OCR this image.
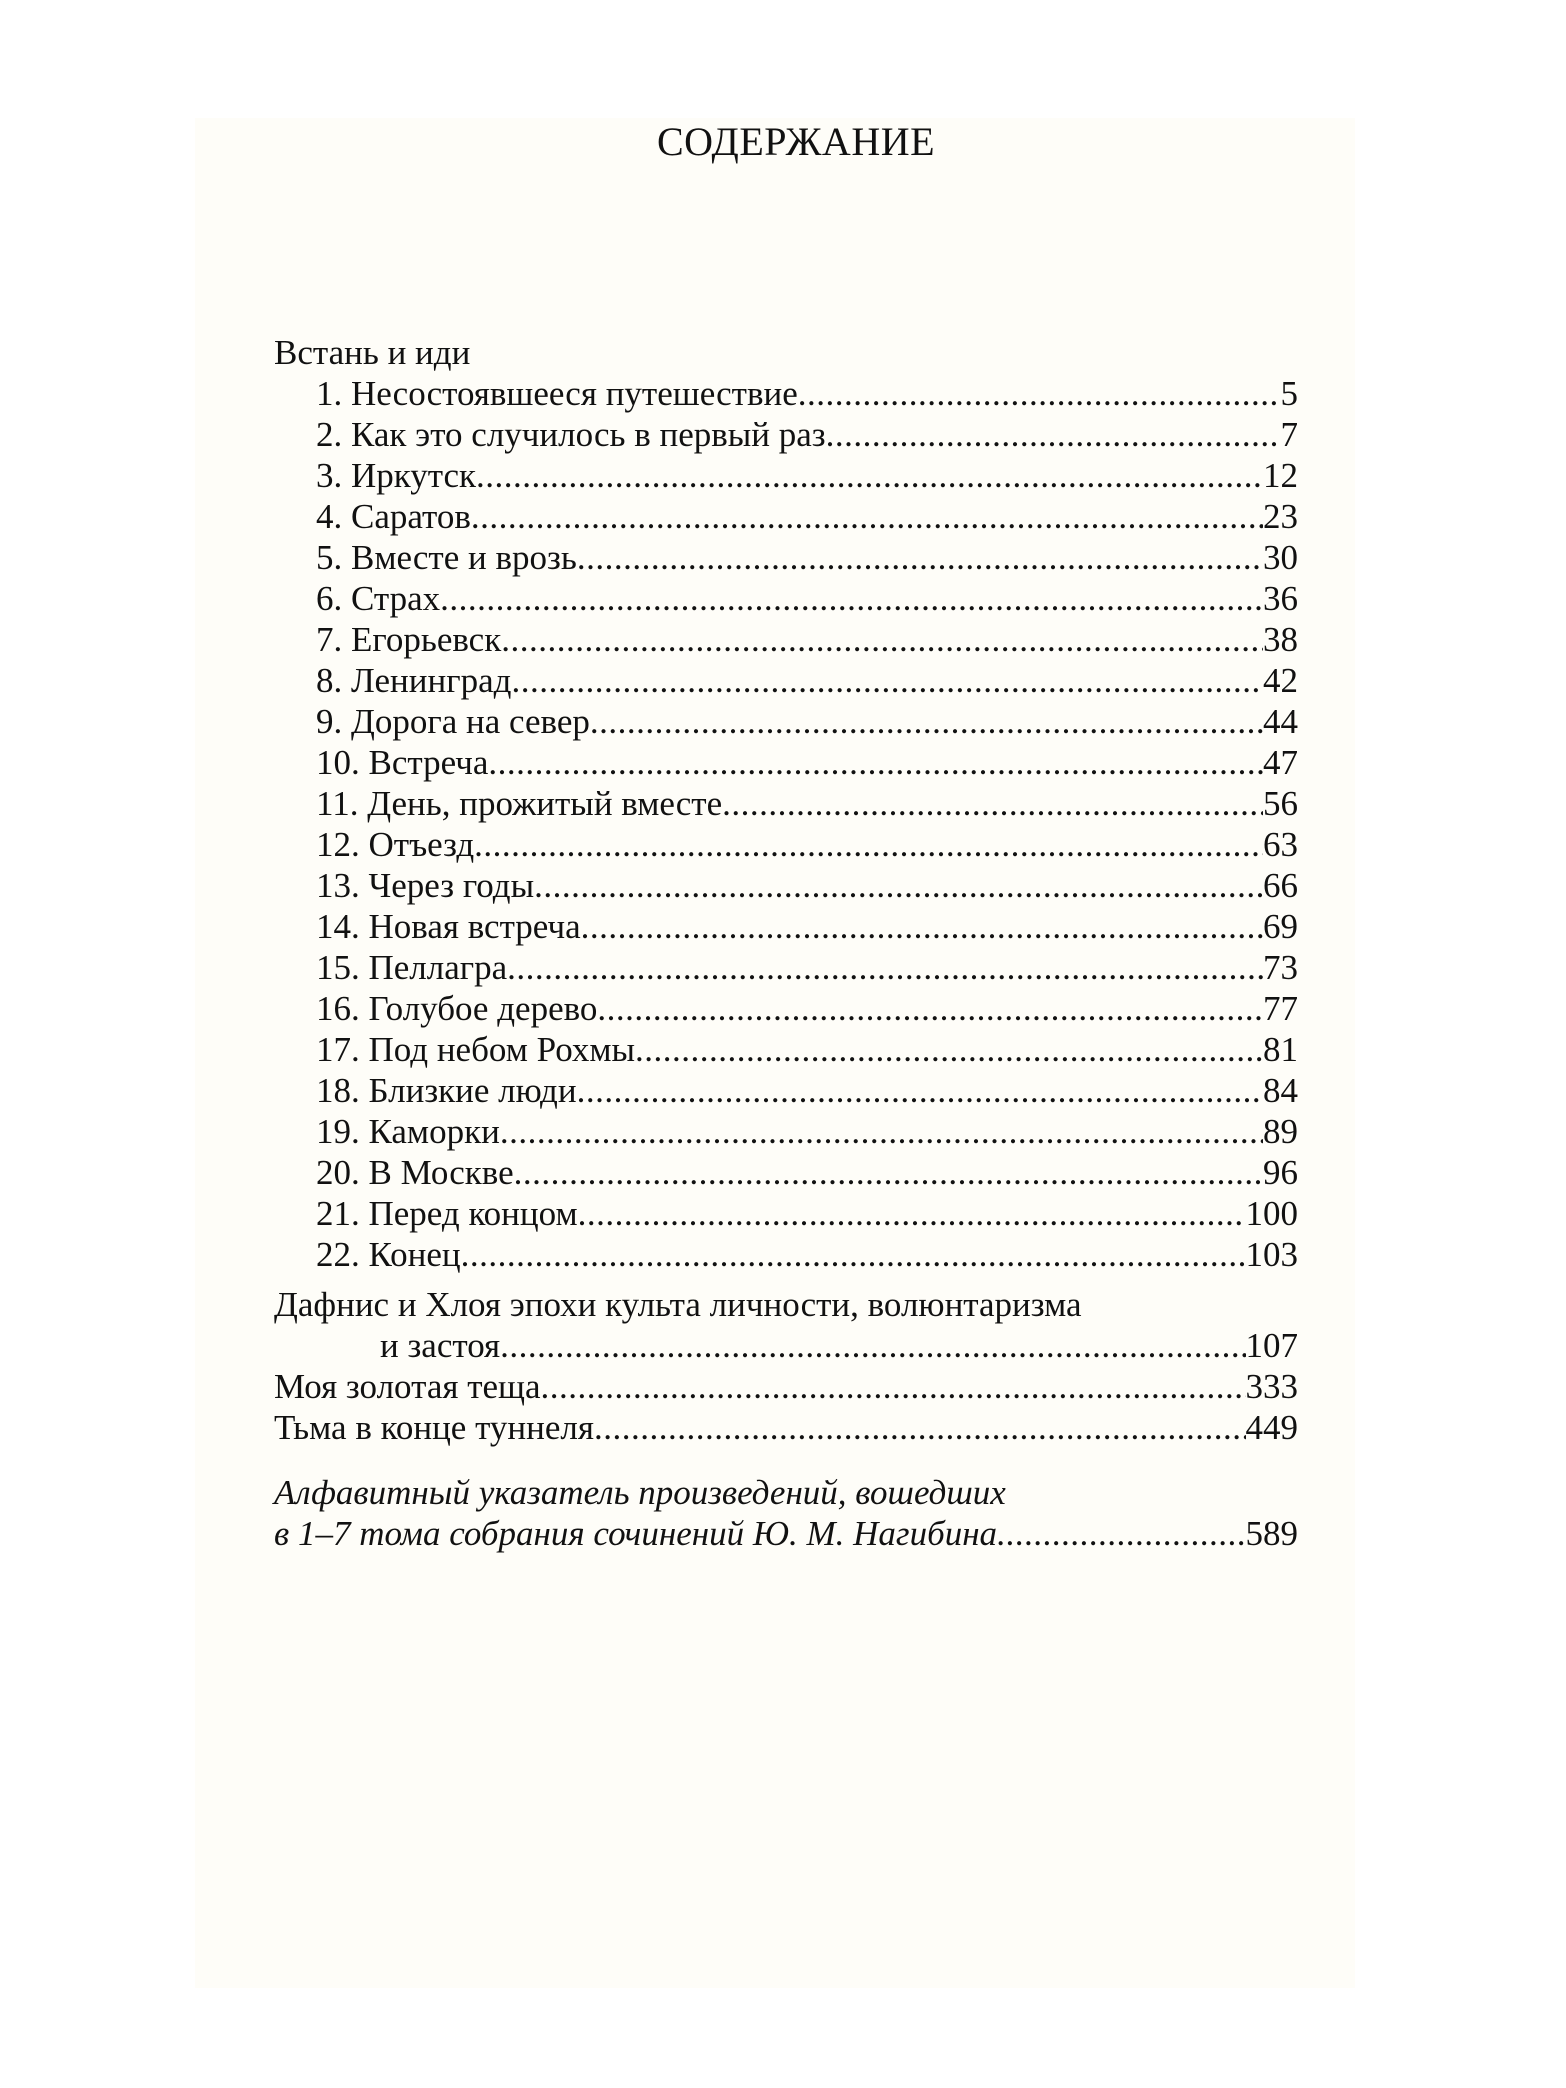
СОДЕРЖАНИЕ
Встань и иди
1. Несостоявшееся путешествие .....	5
2. Как это случилось в первый раз .....	7
3. Иркутск .....	12
4. Саратов .....	23
5. Вместе и врозь .....	30
6. Страх .....	36
7. Егорьевск .....	38
8. Ленинград .....	42
9. Дорога на север .....	44
10. Встреча .....	47
11. День, прожитый вместе .....	56
12. Отъезд .....	63
13. Через годы .....	66
14. Новая встреча .....	69
15. Пеллагра .....	73
16. Голубое дерево .....	77
17. Под небом Рохмы .....	81
18. Близкие люди .....	84
19. Каморки .....	89
20. В Москве .....	96
21. Перед концом .....	100
22. Конец .....	103
Дафнис и Хлоя эпохи культа личности, волюнтаризма
и застоя .....	107
Моя золотая теща .....	333
Тьма в конце туннеля .....	449
Алфавитный указатель произведений, вошедших
в 1–7 тома собрания сочинений Ю. М. Нагибина .....	589
